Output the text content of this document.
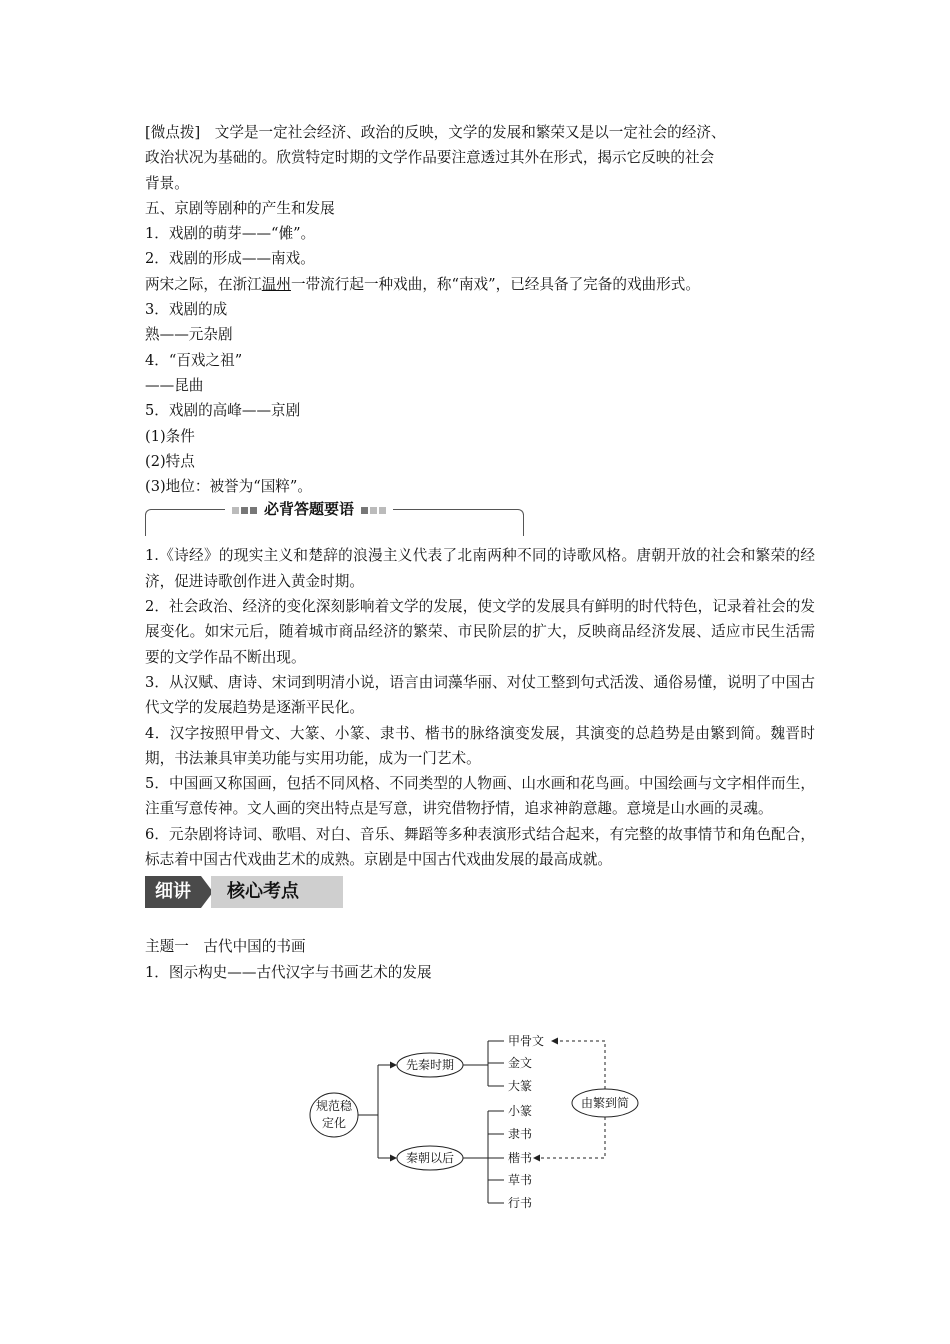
[微点拨]　文学是一定社会经济、政治的反映，文学的发展和繁荣又是以一定社会的经济、

政治状况为基础的。欣赏特定时期的文学作品要注意透过其外在形式，揭示它反映的社会

背景。

五、京剧等剧种的产生和发展

1．戏剧的萌芽——“傩”。

2．戏剧的形成——南戏。

两宋之际，在浙江温州一带流行起一种戏曲，称“南戏”，已经具备了完备的戏曲形式。

3．戏剧的成

熟——元杂剧

4．“百戏之祖”

——昆曲

5．戏剧的高峰——京剧

(1)条件

(2)特点

(3)地位：被誉为“国粹”。

必背答题要语

1.《诗经》的现实主义和楚辞的浪漫主义代表了北南两种不同的诗歌风格。唐朝开放的社会和繁荣的经济，促进诗歌创作进入黄金时期。

2．社会政治、经济的变化深刻影响着文学的发展，使文学的发展具有鲜明的时代特色，记录着社会的发展变化。如宋元后，随着城市商品经济的繁荣、市民阶层的扩大，反映商品经济发展、适应市民生活需要的文学作品不断出现。

3．从汉赋、唐诗、宋词到明清小说，语言由词藻华丽、对仗工整到句式活泼、通俗易懂，说明了中国古代文学的发展趋势是逐渐平民化。

4．汉字按照甲骨文、大篆、小篆、隶书、楷书的脉络演变发展，其演变的总趋势是由繁到简。魏晋时期，书法兼具审美功能与实用功能，成为一门艺术。

5．中国画又称国画，包括不同风格、不同类型的人物画、山水画和花鸟画。中国绘画与文字相伴而生，注重写意传神。文人画的突出特点是写意，讲究借物抒情，追求神韵意趣。意境是山水画的灵魂。

6．元杂剧将诗词、歌唱、对白、音乐、舞蹈等多种表演形式结合起来，有完整的故事情节和角色配合，标志着中国古代戏曲艺术的成熟。京剧是中国古代戏曲发展的最高成就。

细讲	核心考点

主题一　古代中国的书画

1．图示构史——古代汉字与书画艺术的发展

规范稳
定化
先秦时期
秦朝以后
甲骨文
金文
大篆
小篆
隶书
楷书
草书
行书
由繁到简
